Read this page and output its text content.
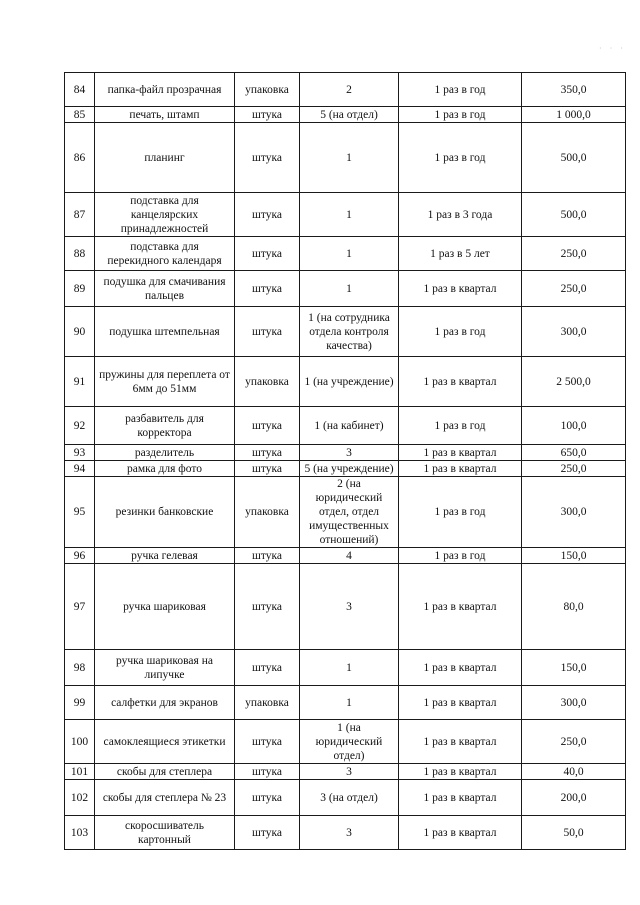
· · ·
84	папка-файл прозрачная	упаковка	2	1 раз в год	350,0
85	печать, штамп	штука	5 (на отдел)	1 раз в год	1 000,0
86	планинг	штука	1	1 раз в год	500,0
87	подставка для канцелярских принадлежностей	штука	1	1 раз в 3 года	500,0
88	подставка для перекидного календаря	штука	1	1 раз в 5 лет	250,0
89	подушка для смачивания пальцев	штука	1	1 раз в квартал	250,0
90	подушка штемпельная	штука	1 (на сотрудника отдела контроля качества)	1 раз в год	300,0
91	пружины для переплета от 6мм до 51мм	упаковка	1 (на учреждение)	1 раз в квартал	2 500,0
92	разбавитель для корректора	штука	1 (на кабинет)	1 раз в год	100,0
93	разделитель	штука	3	1 раз в квартал	650,0
94	рамка для фото	штука	5 (на учреждение)	1 раз в квартал	250,0
95	резинки банковские	упаковка	2 (на юридический отдел, отдел имущественных отношений)	1 раз в год	300,0
96	ручка гелевая	штука	4	1 раз в год	150,0
97	ручка шариковая	штука	3	1 раз в квартал	80,0
98	ручка шариковая на липучке	штука	1	1 раз в квартал	150,0
99	салфетки для экранов	упаковка	1	1 раз в квартал	300,0
100	самоклеящиеся этикетки	штука	1 (на юридический отдел)	1 раз в квартал	250,0
101	скобы для степлера	штука	3	1 раз в квартал	40,0
102	скобы для степлера № 23	штука	3 (на отдел)	1 раз в квартал	200,0
103	скоросшиватель картонный	штука	3	1 раз в квартал	50,0
